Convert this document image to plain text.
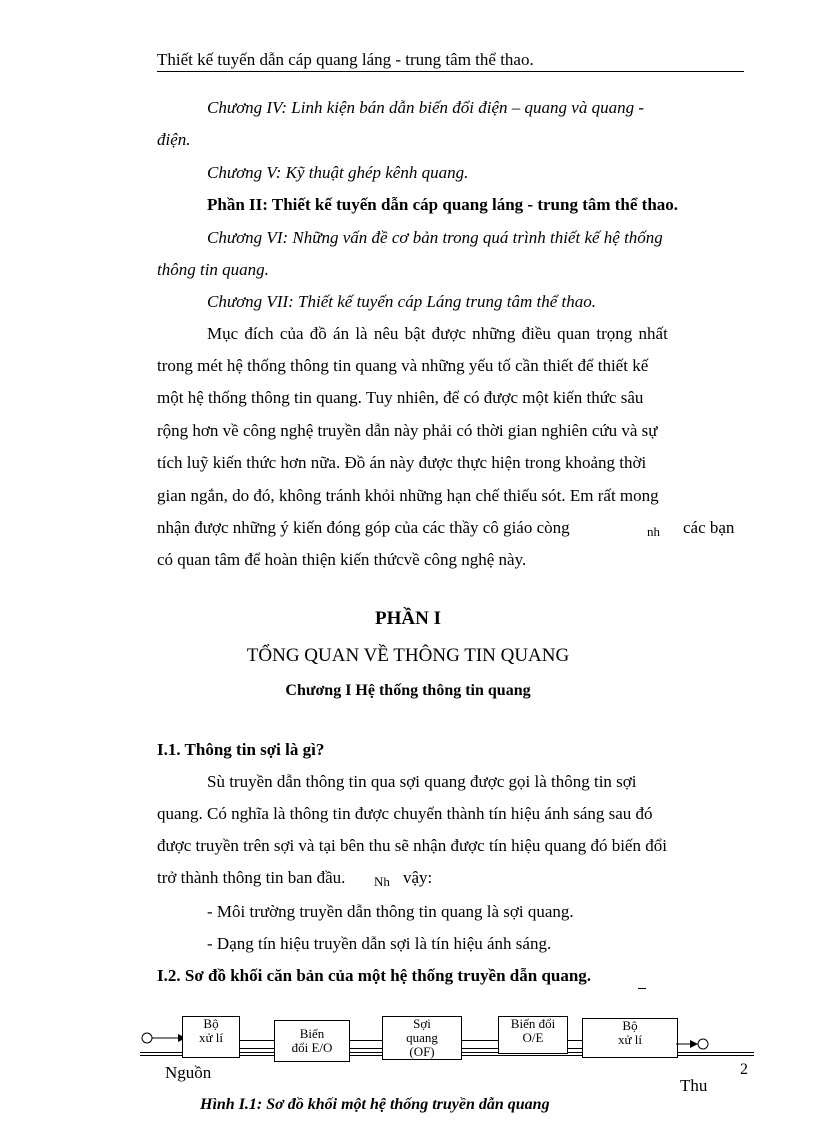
Thiết kế tuyến dẫn cáp quang láng - trung tâm thể thao.
Chương IV: Linh kiện bán dẫn biến đổi điện – quang và quang -
điện.
Chương V: Kỹ thuật ghép kênh quang.
Phần II: Thiết kế tuyến dẫn cáp quang láng - trung tâm thể thao.
Chương VI: Những vấn đề cơ bản trong quá trình thiết kế hệ thống
thông tin quang.
Chương VII: Thiết kế tuyến cáp Láng trung tâm thể thao.
Mục đích của đồ án là nêu bật được những điều quan trọng nhất
trong mét hệ thống thông tin quang và những yếu tố cần thiết để thiết kế
một hệ thống thông tin quang. Tuy nhiên, để có được một kiến thức sâu
rộng hơn về công nghệ truyền dẫn này phải có thời gian nghiên cứu và sự
tích luỹ kiến thức hơn nữa. Đồ án này được thực hiện trong khoảng thời
gian ngắn, do đó, không tránh khỏi những hạn chế thiếu sót. Em rất mong
nhận được những ý kiến đóng góp của các thầy cô giáo còng	nh các bạn
có quan tâm để hoàn thiện kiến thứcvề công nghệ này.
PHẦN I
TỔNG QUAN VỀ THÔNG TIN QUANG
Chương I Hệ thống thông tin quang
I.1. Thông tin sợi là gì?
Sù truyền dẫn thông tin qua sợi quang được gọi là thông tin sợi
quang. Có nghĩa là thông tin được chuyển thành tín hiệu ánh sáng sau đó
được truyền trên sợi và tại bên thu sẽ nhận được tín hiệu quang đó biến đổi
trở thành thông tin ban đầu. Nh vậy:
- Môi trường truyền dẫn thông tin quang là sợi quang.
- Dạng tín hiệu truyền dẫn sợi là tín hiệu ánh sáng.
I.2. Sơ đồ khối căn bản của một hệ thống truyền dẫn quang.
Bộ
xử lí	Biến
đổi E/O
Sợi
quang
(OF)
Biến đổi
O/E
Bộ
xử lí
Nguồn
Thu
2
Hình I.1: Sơ đồ khối một hệ thống truyền dẫn quang
